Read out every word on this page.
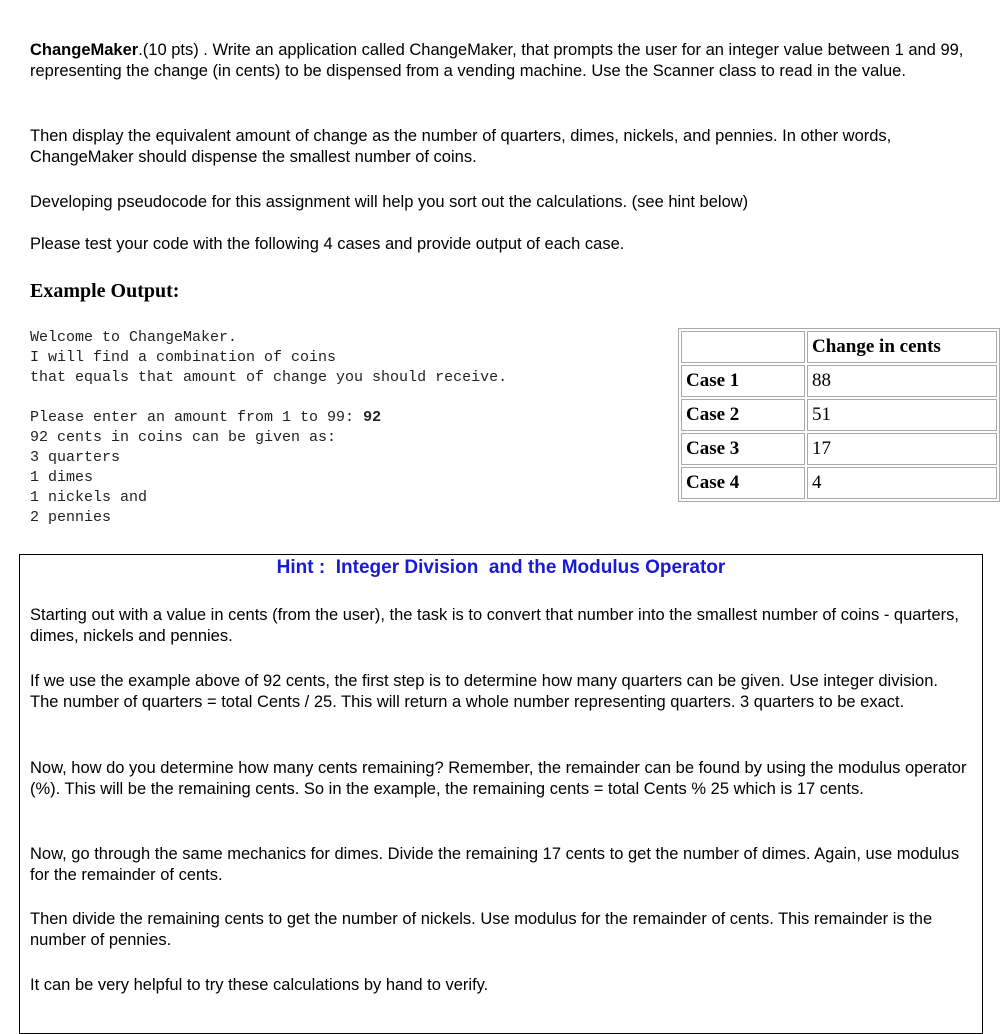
ChangeMaker.(10 pts) . Write an application called ChangeMaker, that prompts the user for an integer value between 1 and 99, representing the change (in cents) to be dispensed from a vending machine. Use the Scanner class to read in the value.

Then display the equivalent amount of change as the number of quarters, dimes, nickels, and pennies. In other words, ChangeMaker should dispense the smallest number of coins.

Developing pseudocode for this assignment will help you sort out the calculations. (see hint below)

Please test your code with the following 4 cases and provide output of each case.

Example Output:
Welcome to ChangeMaker.
I will find a combination of coins
that equals that amount of change you should receive.
Please enter an amount from 1 to 99: 92
92 cents in coins can be given as:
3 quarters
1 dimes
1 nickels and
2 pennies
	Change in cents
Case 1	88
Case 2	51
Case 3	17
Case 4	4
Hint :  Integer Division  and the Modulus Operator

Starting out with a value in cents (from the user), the task is to convert that number into the smallest number of coins - quarters, dimes, nickels and pennies.

If we use the example above of 92 cents, the first step is to determine how many quarters can be given. Use integer division. The number of quarters = total Cents / 25. This will return a whole number representing quarters. 3 quarters to be exact.

Now, how do you determine how many cents remaining? Remember, the remainder can be found by using the modulus operator (%). This will be the remaining cents. So in the example, the remaining cents = total Cents % 25 which is 17 cents.

Now, go through the same mechanics for dimes. Divide the remaining 17 cents to get the number of dimes. Again, use modulus for the remainder of cents.

Then divide the remaining cents to get the number of nickels. Use modulus for the remainder of cents. This remainder is the number of pennies.

It can be very helpful to try these calculations by hand to verify.
